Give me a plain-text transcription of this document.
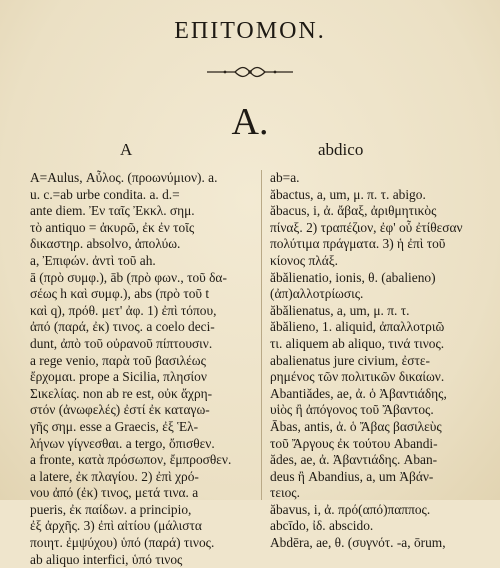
ΕΠΙΤΟΜΟΝ.
A.
A
A=Aulus, Αὖλος. (προωνύμιον). a.
u. c.=ab urbe condita. a. d.=
ante diem. Ἐν ταῖς Ἐκκλ. σημ.
τὸ antiquo = ἀκυρῶ, ἐκ ἐν τοῖς
δικαστηρ. absolvo, ἀπολύω.
a, Ἐπιφών. ἀντὶ τοῦ ah.
ā (πρὸ συμφ.), āb (πρὸ φων., τοῦ δα-
σέως h καὶ συμφ.), abs (πρὸ τοῦ t
καὶ q), πρόθ. μετ' ἀφ. 1) ἐπὶ τόπου,
ἀπό (παρά, ἐκ) τινος. a coelo deci-
dunt, ἀπὸ τοῦ οὐρανοῦ πίπτουσιν.
a rege venio, παρὰ τοῦ βασιλέως
ἔρχομαι. prope a Sicilia, πλησίον
Σικελίας. non ab re est, οὐκ ἄχρη-
στόν (ἀνωφελές) ἐστί ἐκ καταγω-
γῆς σημ. esse a Graecis, ἐξ Ἑλ-
λήνων γίγνεσθαι. a tergo, ὄπισθεν.
a fronte, κατὰ πρόσωπον, ἔμπροσθεν.
a latere, ἐκ πλαγίου. 2) ἐπὶ χρό-
νου ἀπό (ἐκ) τινος, μετά τινα. a
pueris, ἐκ παίδων. a principio,
ἐξ ἀρχῆς. 3) ἐπὶ αἰτίου (μάλιστα
ποιητ. ἐμψύχου) ὑπό (παρά) τινος.
ab aliquo interfici, ὑπό τινος
abdico
ab=a.
ăbactus, a, um, μ. π. τ. abigo.
ăbacus, i, ἀ. ἄβαξ, ἀριθμητικὸς
πίναξ. 2) τραπέζιον, ἐφ' οὗ ἐτίθεσαν
πολύτιμα πράγματα. 3) ἡ ἐπὶ τοῦ
κίονος πλάξ.
ăbălienatio, ionis, θ. (abalieno)
(ἀπ)αλλοτρίωσις.
ăbălienatus, a, um, μ. π. τ.
ăbălieno, 1. aliquid, ἀπαλλοτριῶ
τι. aliquem ab aliquo, τινά τινος.
abalienatus jure civium, ἐστε-
ρημένος τῶν πολιτικῶν δικαίων.
Abantiădes, ae, ἀ. ὁ Ἀβαντιάδης,
υἱὸς ἢ ἀπόγονος τοῦ Ἄβαντος.
Ābas, antis, ἀ. ὁ Ἄβας βασιλεὺς
τοῦ Ἄργους ἐκ τούτου Abandi-
ădes, ae, ἀ. Ἀβαντιάδης. Aban-
deus ἢ Abandius, a, um Ἀβάν-
τειος.
ăbavus, i, ἀ. πρό(από)παππος.
abcīdo, ἰδ. abscido.
Abdēra, ae, θ. (συγνότ. -a, ōrum,
